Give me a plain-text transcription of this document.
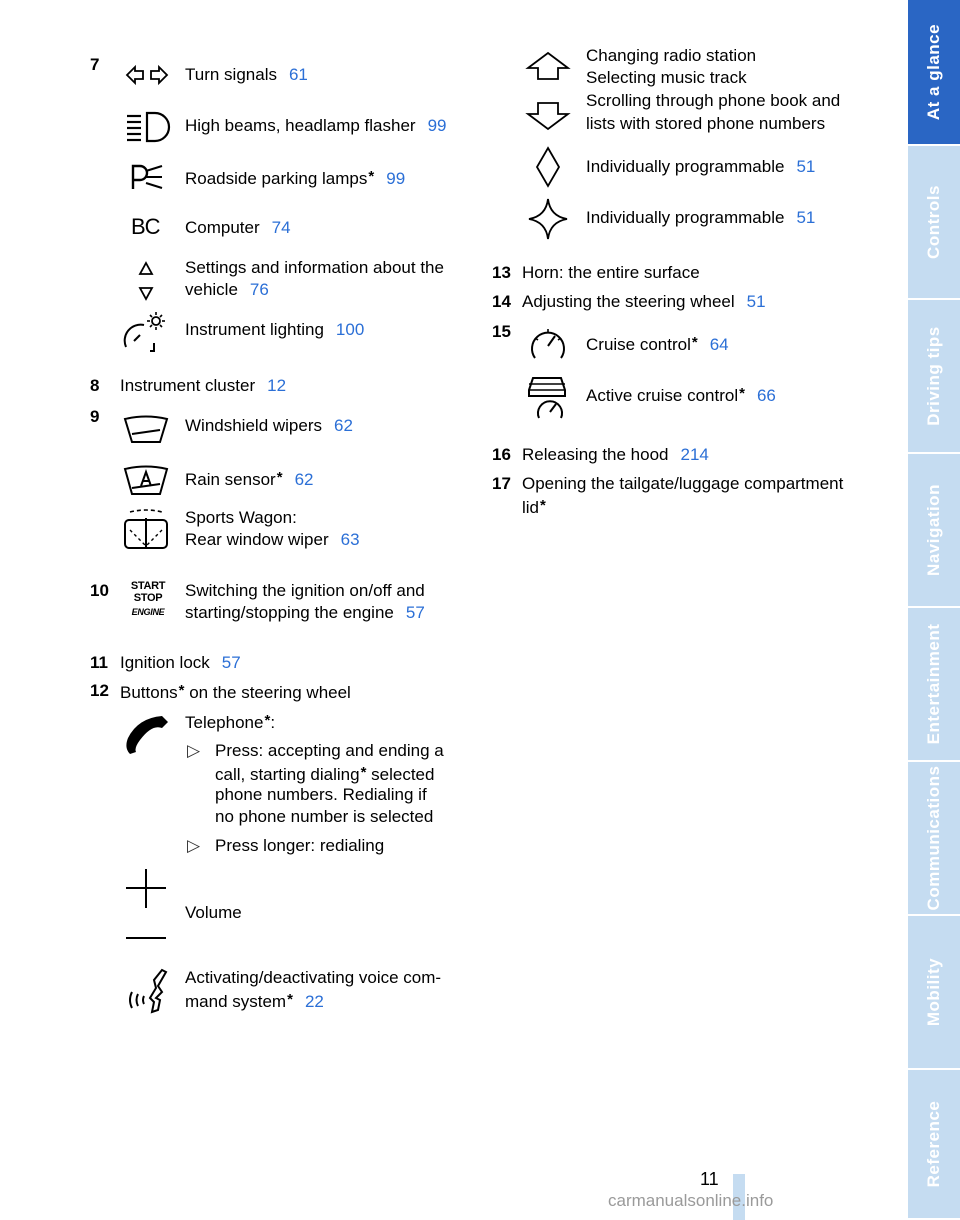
7
Turn signals 61
High beams, headlamp flasher 99
Roadside parking lamps* 99
BC Computer 74
Settings and information about the
vehicle 76
Instrument lighting 100
8 Instrument cluster 12
9	Windshield wipers 62
Rain sensor* 62
Sports Wagon:
Rear window wiper 63
10 START
STOP
ENGINE
Switching the ignition on/off and
starting/stopping the engine 57
11 Ignition lock 57
12 Buttons* on the steering wheel
Telephone*:
▷ Press: accepting and ending a
call, starting dialing* selected
phone numbers. Redialing if
no phone number is selected
▷ Press longer: redialing
Volume
Activating/deactivating voice com-
mand system* 22
Changing radio station
Selecting music track
Scrolling through phone book and
lists with stored phone numbers
Individually programmable 51
Individually programmable 51
13 Horn: the entire surface
14 Adjusting the steering wheel 51
15
Cruise control* 64
Active cruise control* 66
16 Releasing the hood 214
17 Opening the tailgate/luggage compartment
lid*
At a glance
Controls
Driving tips
Navigation
Entertainment
Communications
Mobility
Reference
11
carmanualsonline.info
